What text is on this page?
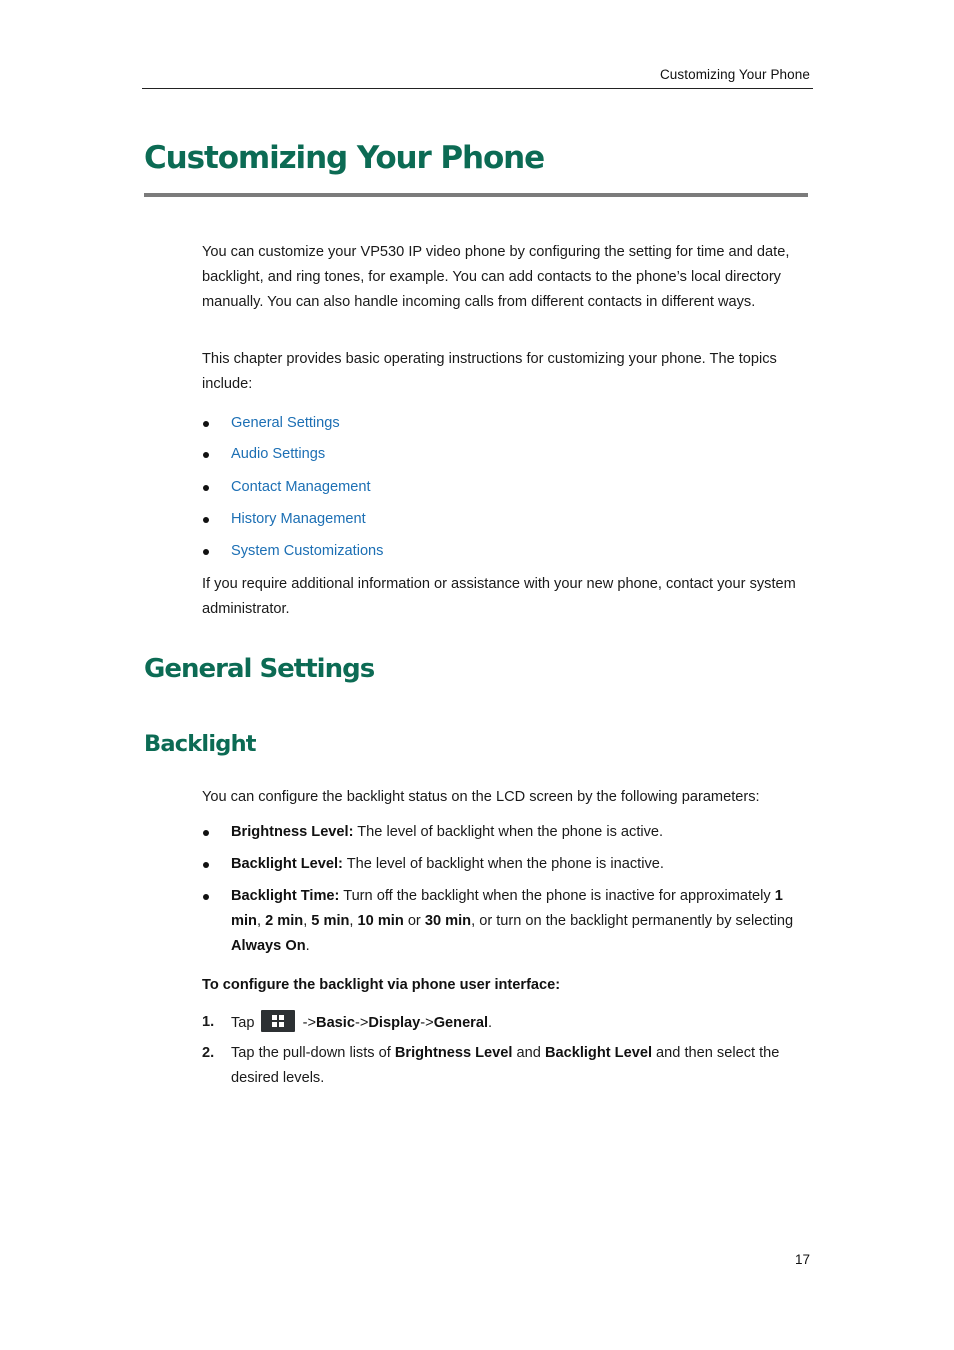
Customizing Your Phone
Customizing Your Phone

You can customize your VP530 IP video phone by configuring the setting for time and date, backlight, and ring tones, for example. You can add contacts to the phone’s local directory manually. You can also handle incoming calls from different contacts in different ways.

This chapter provides basic operating instructions for customizing your phone. The topics include:

General Settings
Audio Settings
Contact Management
History Management
System Customizations

If you require additional information or assistance with your new phone, contact your system administrator.

General Settings
Backlight

You can configure the backlight status on the LCD screen by the following parameters:

Brightness Level: The level of backlight when the phone is active.
Backlight Level: The level of backlight when the phone is inactive.
Backlight Time: Turn off the backlight when the phone is inactive for approximately 1 min, 2 min, 5 min, 10 min or 30 min, or turn on the backlight permanently by selecting Always On.

To configure the backlight via phone user interface:

1. Tap	->Basic->Display->General.
2. Tap the pull-down lists of Brightness Level and Backlight Level and then select the desired levels.
17
